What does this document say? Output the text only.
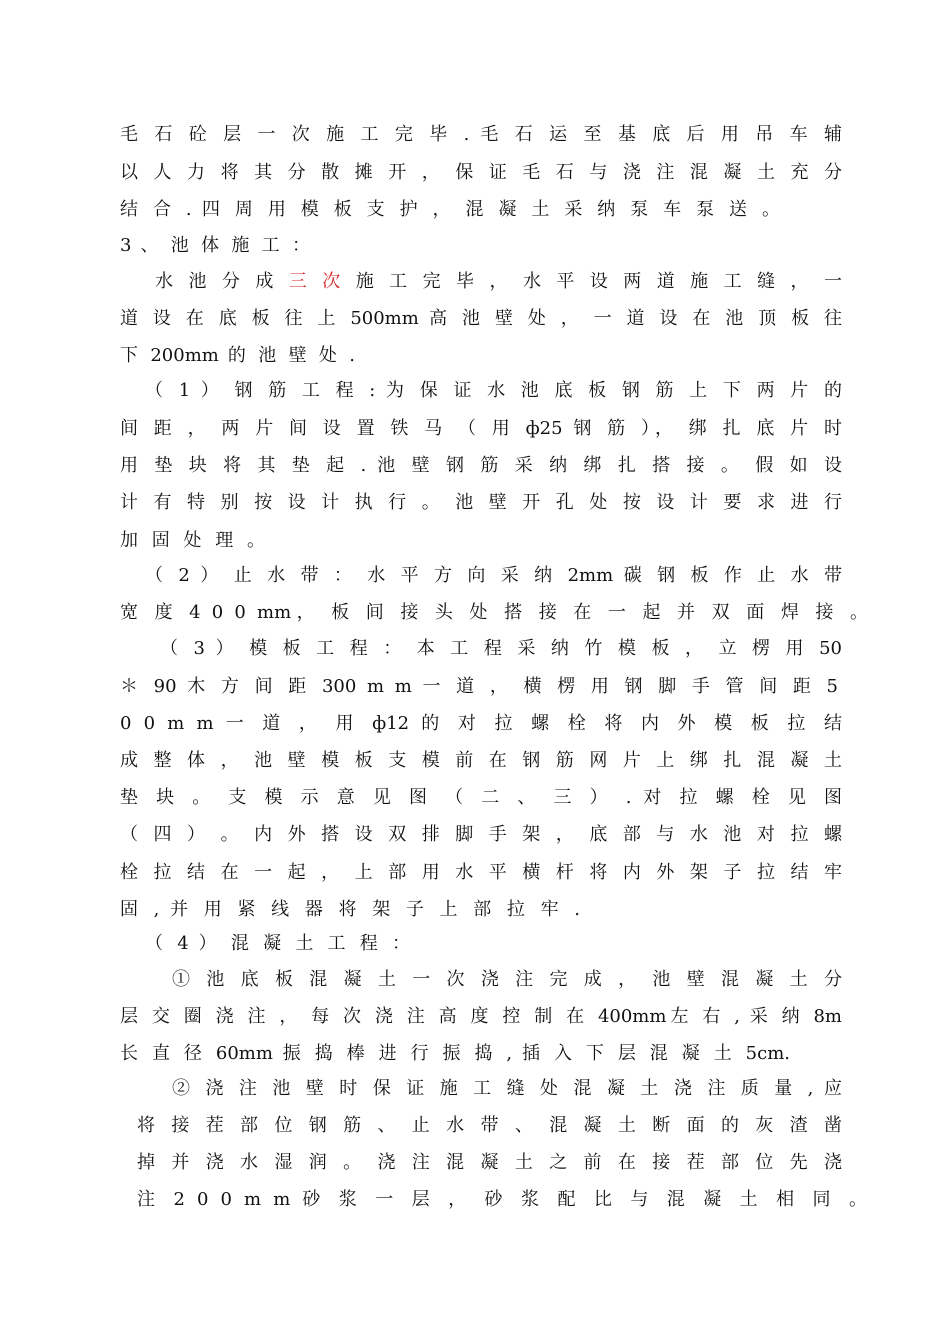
毛 石 砼 层 一 次 施 工 完 毕 . 毛 石 运 至 基 底 后 用 吊 车 辅
以 人 力 将 其 分 散 摊 开 ， 保 证 毛 石 与 浇 注 混 凝 土 充 分
结 合 . 四 周 用 模 板 支 护 ， 混 凝 土 采 纳 泵 车 泵 送 。
3 、 池 体 施 工 ：
水 池 分 成 三 次 施 工 完 毕 ， 水 平 设 两 道 施 工 缝 ， 一
道 设 在 底 板 往 上 500mm 高 池 壁 处 ， 一 道 设 在 池 顶 板 往
下 200mm 的 池 壁 处 .
（ 1 ） 钢 筋 工 程 : 为 保 证 水 池 底 板 钢 筋 上 下 两 片 的
间 距 ， 两 片 间 设 置 铁 马 （ 用 ф25 钢 筋 ）， 绑 扎 底 片 时
用 垫 块 将 其 垫 起 . 池 壁 钢 筋 采 纳 绑 扎 搭 接 。 假 如 设
计 有 特 别 按 设 计 执 行 。 池 壁 开 孔 处 按 设 计 要 求 进 行
加 固 处 理 。
（ 2 ） 止 水 带 ： 水 平 方 向 采 纳 2mm 碳 钢 板 作 止 水 带
宽 度 4 0 0 mm， 板 间 接 头 处 搭 接 在 一 起 并 双 面 焊 接 。
（ 3 ） 模 板 工 程 ： 本 工 程 采 纳 竹 模 板 ， 立 楞 用 50
＊ 90 木 方 间 距 300 m m 一 道 ， 横 楞 用 钢 脚 手 管 间 距 5
0 0 m m 一 道 ， 用 ф12 的 对 拉 螺 栓 将 内 外 模 板 拉 结
成 整 体 ， 池 壁 模 板 支 模 前 在 钢 筋 网 片 上 绑 扎 混 凝 土
垫 块 。 支 模 示 意 见 图 （ 二 、 三 ） . 对 拉 螺 栓 见 图
（ 四 ） 。 内 外 搭 设 双 排 脚 手 架 ， 底 部 与 水 池 对 拉 螺
栓 拉 结 在 一 起 ， 上 部 用 水 平 横 杆 将 内 外 架 子 拉 结 牢
固 , 并 用 紧 线 器 将 架 子 上 部 拉 牢 .
（ 4 ） 混 凝 土 工 程 ：
① 池 底 板 混 凝 土 一 次 浇 注 完 成 ， 池 壁 混 凝 土 分
层 交 圈 浇 注 ， 每 次 浇 注 高 度 控 制 在 400mm左 右 , 采 纳 8m
长 直 径 60mm 振 捣 棒 进 行 振 捣 , 插 入 下 层 混 凝 土 5cm.
② 浇 注 池 壁 时 保 证 施 工 缝 处 混 凝 土 浇 注 质 量 , 应
将 接 茬 部 位 钢 筋 、 止 水 带 、 混 凝 土 断 面 的 灰 渣 凿
掉 并 浇 水 湿 润 。 浇 注 混 凝 土 之 前 在 接 茬 部 位 先 浇
注 2 0 0 m m 砂 浆 一 层 ， 砂 浆 配 比 与 混 凝 土 相 同 。
